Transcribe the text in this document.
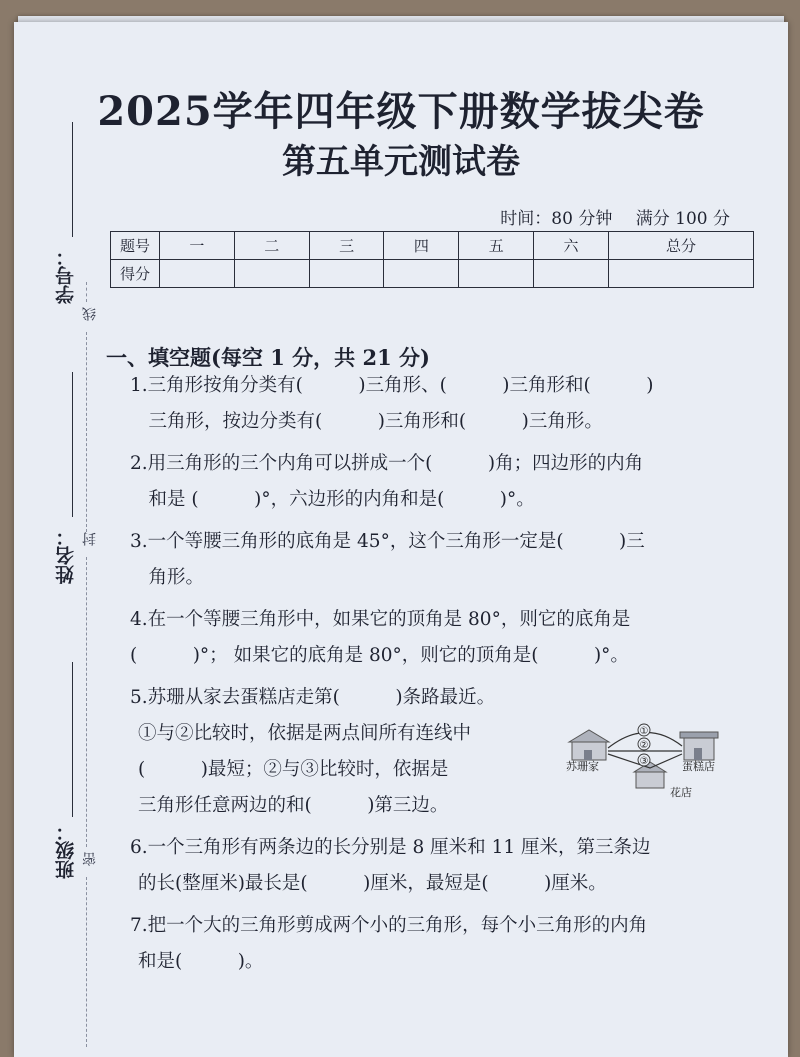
学号：
姓名：
班级：
线
封
密
2025学年四年级下册数学拔尖卷
第五单元测试卷
时间：80 分钟 满分 100 分
题号	一	二	三	四	五	六	总分
得分							
一、填空题(每空 1 分，共 21 分)
1.三角形按角分类有(　　　)三角形、(　　　)三角形和(　　　)
　三角形，按边分类有(　　　)三角形和(　　　)三角形。
2.用三角形的三个内角可以拼成一个(　　　)角；四边形的内角
　和是 (　　　)°，六边形的内角和是(　　　)°。
3.一个等腰三角形的底角是 45°，这个三角形一定是(　　　)三
　角形。
4.在一个等腰三角形中，如果它的顶角是 80°，则它的底角是
(　　　)°； 如果它的底角是 80°，则它的顶角是(　　　)°。
5.苏珊从家去蛋糕店走第(　　　)条路最近。
①与②比较时，依据是两点间所有连线中
(　　　)最短；②与③比较时，依据是
三角形任意两边的和(　　　)第三边。
6.一个三角形有两条边的长分别是 8 厘米和 11 厘米，第三条边
的长(整厘米)最长是(　　　)厘米，最短是(　　　)厘米。
7.把一个大的三角形剪成两个小的三角形，每个小三角形的内角
和是(　　　)。
①
②
③
苏珊家	蛋糕店
花店
